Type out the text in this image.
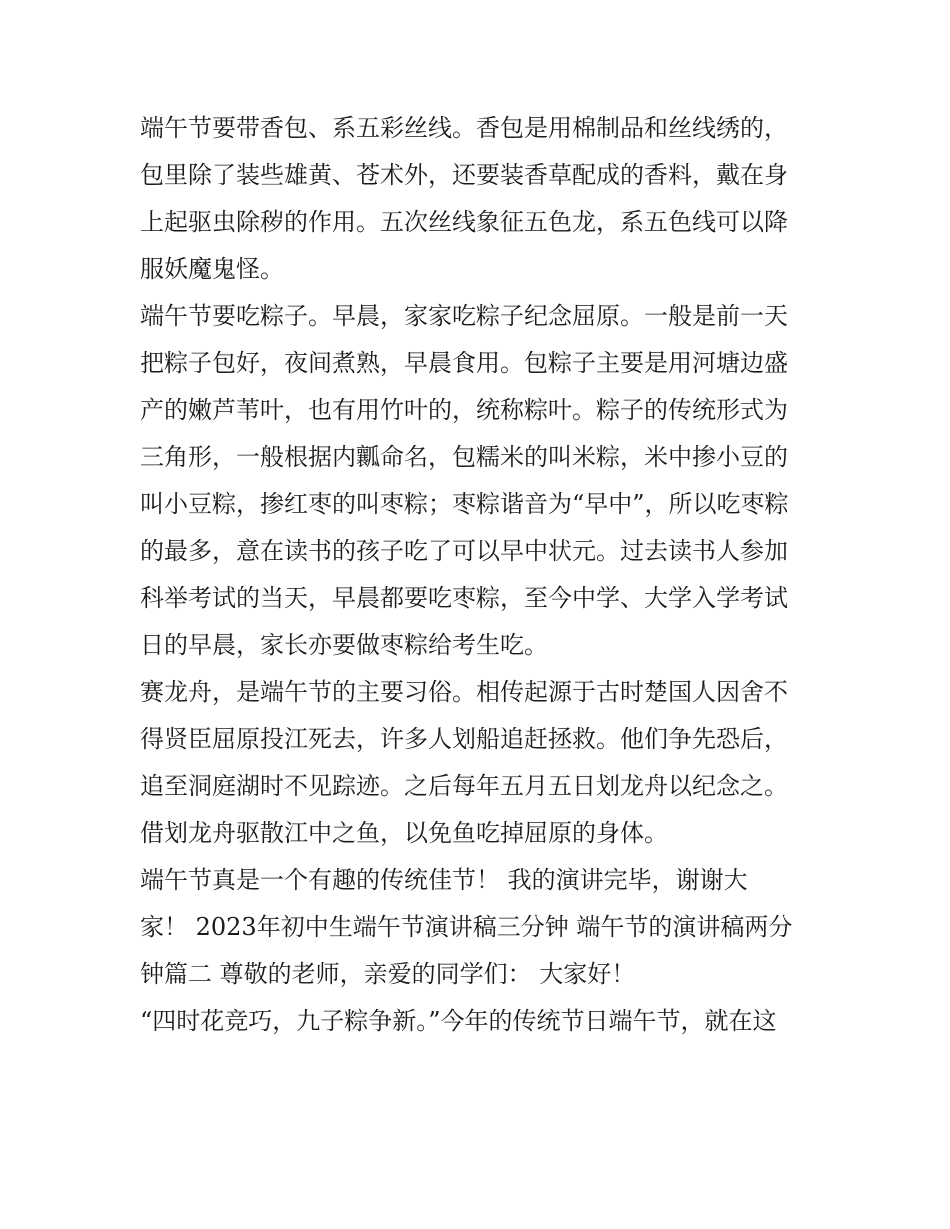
端午节要带香包、系五彩丝线。香包是用棉制品和丝线绣的，
包里除了装些雄黄、苍术外，还要装香草配成的香料，戴在身
上起驱虫除秽的作用。五次丝线象征五色龙，系五色线可以降
服妖魔鬼怪。
端午节要吃粽子。早晨，家家吃粽子纪念屈原。一般是前一天
把粽子包好，夜间煮熟，早晨食用。包粽子主要是用河塘边盛
产的嫩芦苇叶，也有用竹叶的，统称粽叶。粽子的传统形式为
三角形，一般根据内瓤命名，包糯米的叫米粽，米中掺小豆的
叫小豆粽，掺红枣的叫枣粽；枣粽谐音为“早中”，所以吃枣粽
的最多，意在读书的孩子吃了可以早中状元。过去读书人参加
科举考试的当天，早晨都要吃枣粽，至今中学、大学入学考试
日的早晨，家长亦要做枣粽给考生吃。
赛龙舟，是端午节的主要习俗。相传起源于古时楚国人因舍不
得贤臣屈原投江死去，许多人划船追赶拯救。他们争先恐后，
追至洞庭湖时不见踪迹。之后每年五月五日划龙舟以纪念之。
借划龙舟驱散江中之鱼，以免鱼吃掉屈原的身体。
端午节真是一个有趣的传统佳节！ 我的演讲完毕，谢谢大
家！ 2023年初中生端午节演讲稿三分钟 端午节的演讲稿两分
钟篇二 尊敬的老师，亲爱的同学们： 大家好！
“四时花竞巧，九子粽争新。”今年的传统节日端午节，就在这
